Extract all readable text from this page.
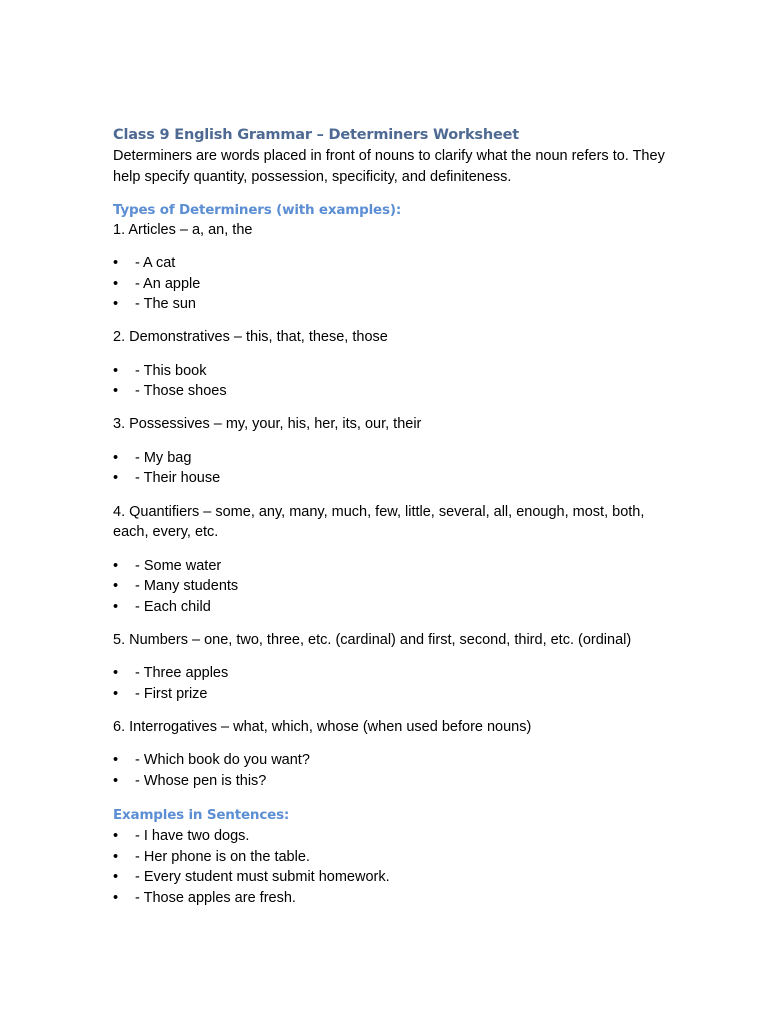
Class 9 English Grammar – Determiners Worksheet
Determiners are words placed in front of nouns to clarify what the noun refers to. They help specify quantity, possession, specificity, and definiteness.
Types of Determiners (with examples):
1. Articles – a, an, the
• - A cat
• - An apple
• - The sun
2. Demonstratives – this, that, these, those
• - This book
• - Those shoes
3. Possessives – my, your, his, her, its, our, their
• - My bag
• - Their house
4. Quantifiers – some, any, many, much, few, little, several, all, enough, most, both, each, every, etc.
• - Some water
• - Many students
• - Each child
5. Numbers – one, two, three, etc. (cardinal) and first, second, third, etc. (ordinal)
• - Three apples
• - First prize
6. Interrogatives – what, which, whose (when used before nouns)
• - Which book do you want?
• - Whose pen is this?
Examples in Sentences:
• - I have two dogs.
• - Her phone is on the table.
• - Every student must submit homework.
• - Those apples are fresh.
